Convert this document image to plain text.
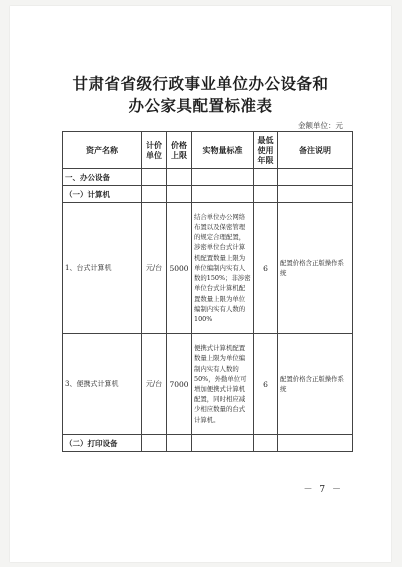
甘肃省省级行政事业单位办公设备和
办公家具配置标准表
金额单位：元
资产名称	计价单位	价格上限	实物量标准	最低使用年限	备注说明
一、办公设备					
（一）计算机					
1、台式计算机	元/台	5000	结合单位办公网络布置以及保密管理的规定合理配置，涉密单位台式计算机配置数量上限为单位编制内实有人数的150%；非涉密单位台式计算机配置数量上限为单位编制内实有人数的100%	6	配置价格含正版操作系统
3、便携式计算机	元/台	7000	便携式计算机配置数量上限为单位编制内实有人数的50%，外勤单位可增加便携式计算机配置，同时相应减少相应数量的台式计算机。	6	配置价格含正版操作系统
（二）打印设备					
－ 7 －
